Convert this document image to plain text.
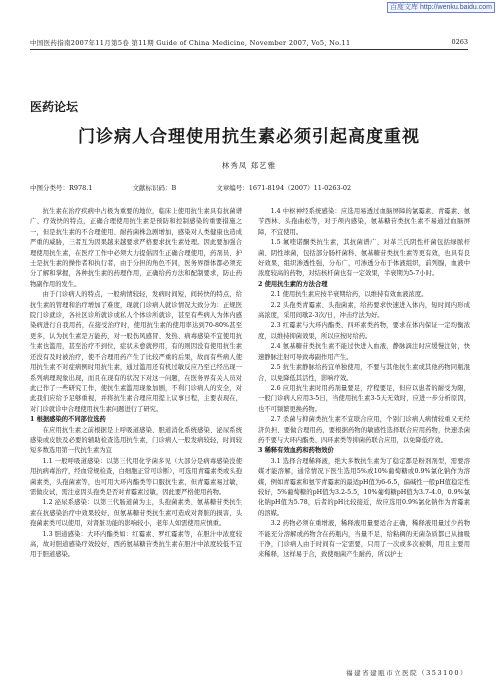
百度文库 http://wenku.baidu.com
中国医药指南2007年11月第5卷 第11期 Guide of China Medicine, November 2007, Vo5, No.11	0263
医药论坛
门诊病人合理使用抗生素必须引起高度重视
林秀凤 郑艺雅
中图分类号：R978.1	文献标识码：B	文章编号：1671-8194（2007）11-0263-02

抗生素在治疗疾病中占极为重要的地位，临床上使用抗生素具有抗菌谱广、疗效快的特点，正确合理使用抗生素是预防和控制感染的重要措施之一，但是抗生素的不合理使用、耐药菌株急剧增加，感染对人类健康也造成严重的威胁，三者互为因果越来越要求严格要求抗生素处理。因此要加强合理使用抗生素，在医疗工作中必须大力提倡因生正确合理使用，药剂员、护士是抗生素的操作者和执行者，由于分担的角色不同，医务界群体都必须充分了解和掌握，各种抗生素的药理作用，正确给药方法和配制要求，防止药物副作用的发生。

由于门诊病人的特点，一般病情较轻，发病时间短，间转快的特点，给抗生素的管理和治疗增加了难度，现就门诊病人就诊情况大致分为：正规医院门诊就诊，各社区诊所就诊或私人个体诊所就诊，甚至有些病人为体内感染病进行自我用药，在接受治疗时，使用抗生素的使用率达到70-80%甚至更多，认为抗生素是万能药，对一般伤风感冒、发热、病毒感染不宜使用抗生素也滥用，甚至治疗不到位，症状未愈就停用，有的则因没有使用抗生素还没有及时被治疗，使不合理用药产生了比较严重的后果，故而有些病人使用抗生素不对症病例时用抗生素，通过滥用还有机过敏反应乃至已经出现一系列病理现象出现，而且在现有的状况下对这一问题，在医务界有关人员对此已作了一些研究工作，使抗生素滥用现象加剧，不利门诊病人的安全，对此我们应给予足够重视，并将抗生素合理应用提上议事日程，主要表现在，对门诊就诊中合理使用抗生素问题进行了研究。

1 根据感染的不同部位选药

在应用抗生素之前根据是上呼吸道感染、胆道消化系统感染、泌尿系统感染或皮肤及必要的辅助检查选用抗生素，门诊病人一般发病较轻，时间较短多数选用第一代抗生素为宜

1.1 一般呼吸道感染：以第三代用化学菌多见（大部分是病毒感染没使用抗病毒治疗，经血常规检查，白细胞正常可诊断），可选用青霉素类或头孢菌素类，头孢菌素等，也可用大环内酯类等口服抗生素，但青霉素易过敏，需做皮试，需注意因头孢类是否对青霉素过敏，因此要严格使用药物。

1.2 泌尿系感染：以第三代肠道菌为主，头孢菌素类、氨基糖苷类抗生素在抗感染治疗中效果较好，但氨基糖苷类抗生素可造成对肾脏的损害，头孢菌素类可以使用，对肾脏功能的影响较小，老年人如需使用应慎重。

1.3 胆道感染：大环内酯类如：红霉素、罗红霉素等，在胆汁中浓度较高，故对胆道感染疗效较好，西药氨基糖苷类抗生素在胆汁中浓度较低不宜用于胆道感染。

1.4 中枢神经系统感染：应选用易透过血脑屏障的氯霉素、青霉素、氨苄西林、头孢曲松等，对于颅内感染，氨基糖苷类抗生素不易通过血脑屏障，不宜使用。

1.5 氟喹诺酮类抗生素，其抗菌谱广、对革兰氏阴性杆菌包括绿脓杆菌、阴性球菌，包括部分肠杆菌科、氨基糖苷类抗生素等更有效，也具有良好效果，组织渗透性强，分布广，可渗透分布于体液组织，前列腺，血液中浓度较高的药物，对结核杆菌也有一定效果，半衰期为5-7小时。

2 使用抗生素的方法合理

2.1 使用抗生素应按半衰期给药，以维持有效血液浓度。

2.2 头孢类青霉素、头孢菌素，给药要求快速进入体内，短时间内形成高浓度，采用间歇2-3次/日，冲击疗法为好。

2.3 红霉素与大环内酯类、四环素类药物，要求在体内保证一定均衡浓度，以维持抑菌效果，所以应按时给药。

2.4 氨基糖苷类抗生素不能过快进入血液，静脉滴注时应缓慢注射，快速静脉注射可导致毒副作用产生。

2.5 抗生素静脉给药宜单独使用，不要与其他抗生素或其他药物同瓶混合，以免降低其活性，影响疗效。

2.6 应用抗生素时用药剂量要足，疗程要足，但应以患者的耐受为限，一般门诊病人应用3-5日，当使用抗生素3-5天无效时，应进一步分析原因，也不可频繁更换药物。

2.7 杀菌与抑菌类抗生素不宜联合应用，个别门诊病人病情较重又无经济负担、要做合理用药，要根据药物的敏感性选择联合应用药物，快速杀菌药不要与大环内酯类、四环素类等抑菌药联合应用，以免降低疗效。

3 稀释有效血药和药物效价

3.1 选择合理稀释液，绝大多数抗生素为了稳定都是粉剂剂型，需要溶媒才能溶解，通常情况下医生选用5%或10%葡萄糖或0.9%氯化钠作为溶媒，例如青霉素和氨苄青霉素的最适pH值为6-6.5，偏碱性一般pH值稳定性较好，5%葡萄糖的pH值为3.2-5.5，10%葡萄糖pH值为3.7-4.0，0.9%氯化钠pH值为5.78，后者的pH比较接近，故应选用0.9%氯化钠作为青霉素的溶媒。

3.2 药物必须在重增液，稀释液用量要适合正确，稀释液用量过少药物不能充分溶解或药物含在药瓶内，当量不足，给粘稠的无菌杂质都已从抽吸干净，门诊病人由于时间有一定需要，只用了一次或多次被刺，用且主要用来稀释，这样易于合，致使细菌产生耐药，所以护士

福建省建瓯市立医院（353100）
